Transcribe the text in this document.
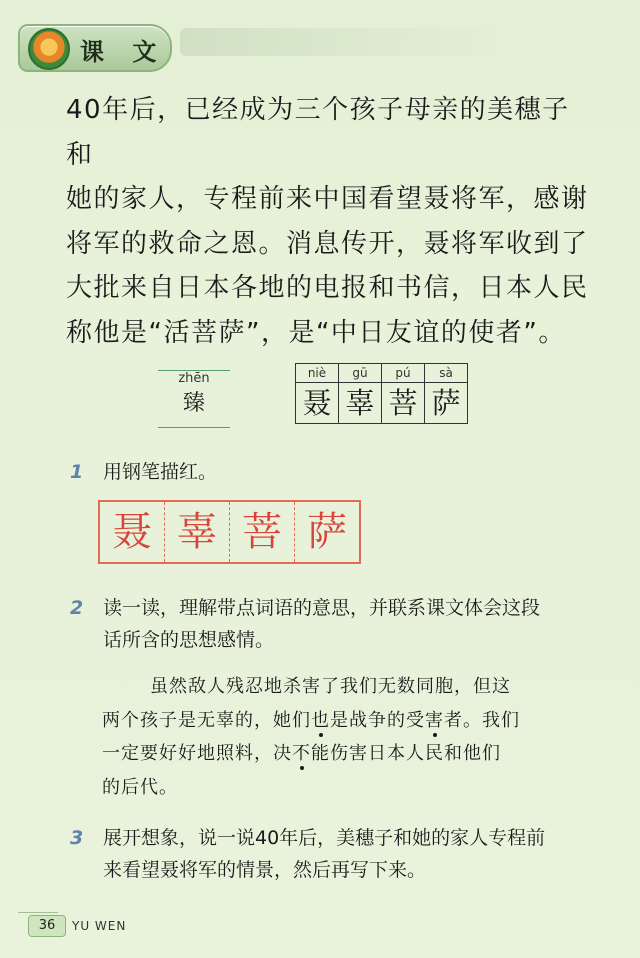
课 文

40年后，已经成为三个孩子母亲的美穗子和

她的家人，专程前来中国看望聂将军，感谢

将军的救命之恩。消息传开，聂将军收到了

大批来自日本各地的电报和书信，日本人民

称他是“活菩萨”，是“中日友谊的使者”。

zhēn
臻
niè	gū	pú	sà
聂 辜 菩 萨
1 用钢笔描红。
聂 辜 菩 萨
2 读一读，理解带点词语的意思，并联系课文体会这段
话所含的思想感情。

虽然敌人残忍地杀害了我们无数同胞，但这

两个孩子是无辜的，她们也是战争的受害者。我们

一定要好好地照料，决不能伤害日本人民和他们

的后代。

3 展开想象，说一说40年后，美穗子和她的家人专程前
来看望聂将军的情景，然后再写下来。
36	YU WEN
